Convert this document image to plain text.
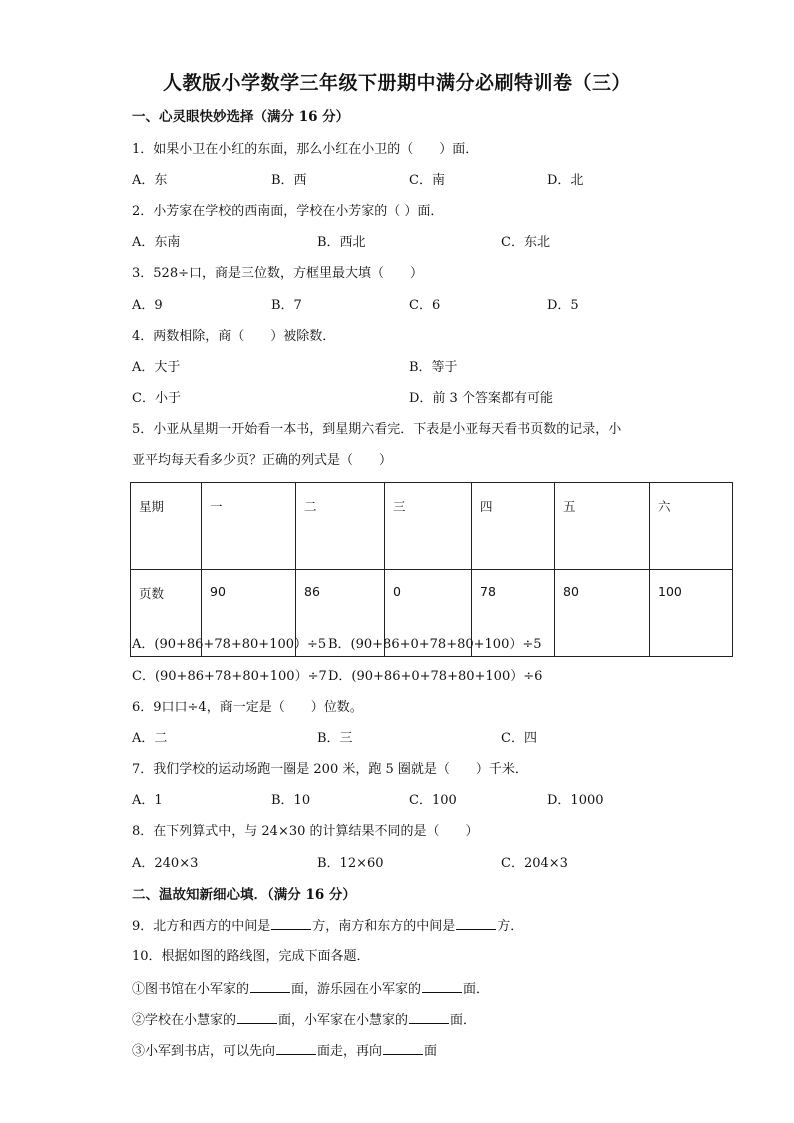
人教版小学数学三年级下册期中满分必刷特训卷（三）
一、心灵眼快妙选择（满分 16 分）
1．如果小卫在小红的东面，那么小红在小卫的（　　）面．
A．东	B．西	C．南	D．北
2．小芳家在学校的西南面，学校在小芳家的（ ）面．
A．东南	B．西北	C．东北
3．528÷口，商是三位数，方框里最大填（　　）
A．9	B．7	C．6	D．5
4．两数相除，商（　　）被除数．
A．大于	B．等于
C．小于	D．前 3 个答案都有可能
5．小亚从星期一开始看一本书，到星期六看完．下表是小亚每天看书页数的记录，小
亚平均每天看多少页？正确的列式是（　　）
星期	一	二	三	四	五	六
页数	90	86	0	78	80	100
A．(90+86+78+80+100）÷5 B．(90+86+0+78+80+100）÷5
C．(90+86+78+80+100）÷7 D．(90+86+0+78+80+100）÷6
6．9口口÷4，商一定是（　　）位数。
A．二	B．三	C．四
7．我们学校的运动场跑一圈是 200 米，跑 5 圈就是（　　）千米．
A．1	B．10	C．100	D．1000
8．在下列算式中，与 24×30 的计算结果不同的是（　　）
A．240×3	B．12×60	C．204×3
二、温故知新细心填．（满分 16 分）
9．北方和西方的中间是	方，南方和东方的中间是	方．
10．根据如图的路线图，完成下面各题．
①图书馆在小军家的	面，游乐园在小军家的	面．
②学校在小慧家的	面，小军家在小慧家的	面．
③小军到书店，可以先向	面走，再向	面
